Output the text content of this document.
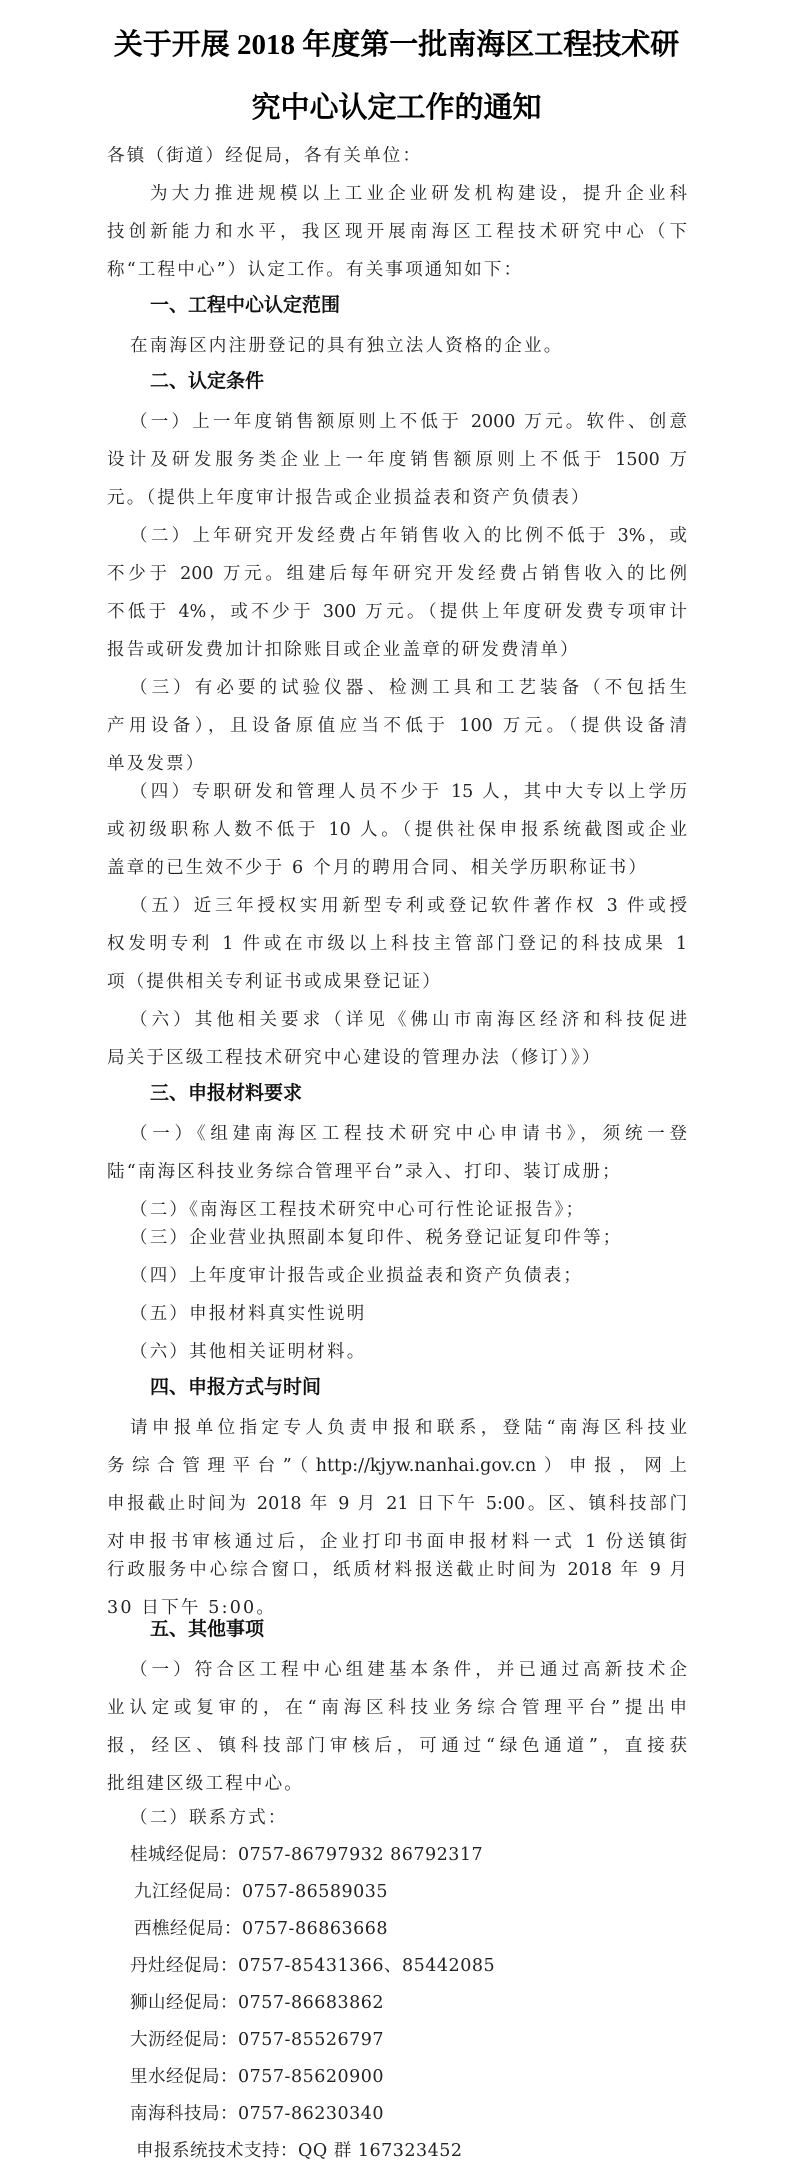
关于开展 2018 年度第一批南海区工程技术研
究中心认定工作的通知
各镇（街道）经促局，各有关单位：
为大力推进规模以上工业企业研发机构建设，提升企业科
技创新能力和水平，我区现开展南海区工程技术研究中心（下
称“工程中心”）认定工作。有关事项通知如下：
一、工程中心认定范围
在南海区内注册登记的具有独立法人资格的企业。
二、认定条件
（一）上一年度销售额原则上不低于 2000 万元。软件、创意
设计及研发服务类企业上一年度销售额原则上不低于 1500 万
元。（提供上年度审计报告或企业损益表和资产负债表）
（二）上年研究开发经费占年销售收入的比例不低于 3%，或
不少于 200 万元。组建后每年研究开发经费占销售收入的比例
不低于 4%，或不少于 300 万元。（提供上年度研发费专项审计
报告或研发费加计扣除账目或企业盖章的研发费清单）
（三）有必要的试验仪器、检测工具和工艺装备（不包括生
产用设备），且设备原值应当不低于 100 万元。（提供设备清
单及发票）
（四）专职研发和管理人员不少于 15 人，其中大专以上学历
或初级职称人数不低于 10 人。（提供社保申报系统截图或企业
盖章的已生效不少于 6 个月的聘用合同、相关学历职称证书）
（五）近三年授权实用新型专利或登记软件著作权 3 件或授
权发明专利 1 件或在市级以上科技主管部门登记的科技成果 1
项（提供相关专利证书或成果登记证）
（六）其他相关要求（详见《佛山市南海区经济和科技促进
局关于区级工程技术研究中心建设的管理办法（修订）》）
三、申报材料要求
（一）《组建南海区工程技术研究中心申请书》，须统一登
陆“南海区科技业务综合管理平台”录入、打印、装订成册；
（二）《南海区工程技术研究中心可行性论证报告》；
（三）企业营业执照副本复印件、税务登记证复印件等；
（四）上年度审计报告或企业损益表和资产负债表；
（五）申报材料真实性说明
（六）其他相关证明材料。
四、申报方式与时间
请申报单位指定专人负责申报和联系，登陆“南海区科技业
务综合管理平台”（http://kjyw.nanhai.gov.cn）申报，网上
申报截止时间为 2018 年 9 月 21 日下午 5:00。区、镇科技部门
对申报书审核通过后，企业打印书面申报材料一式 1 份送镇街
行政服务中心综合窗口，纸质材料报送截止时间为 2018 年 9 月
30 日下午 5:00。
五、其他事项
（一）符合区工程中心组建基本条件，并已通过高新技术企
业认定或复审的，在“南海区科技业务综合管理平台”提出申
报，经区、镇科技部门审核后，可通过“绿色通道”，直接获
批组建区级工程中心。
（二）联系方式：
桂城经促局：0757-86797932 86792317
九江经促局：0757-86589035
西樵经促局：0757-86863668
丹灶经促局：0757-85431366、85442085
狮山经促局：0757-86683862
大沥经促局：0757-85526797
里水经促局：0757-85620900
南海科技局：0757-86230340
申报系统技术支持：QQ 群 167323452
